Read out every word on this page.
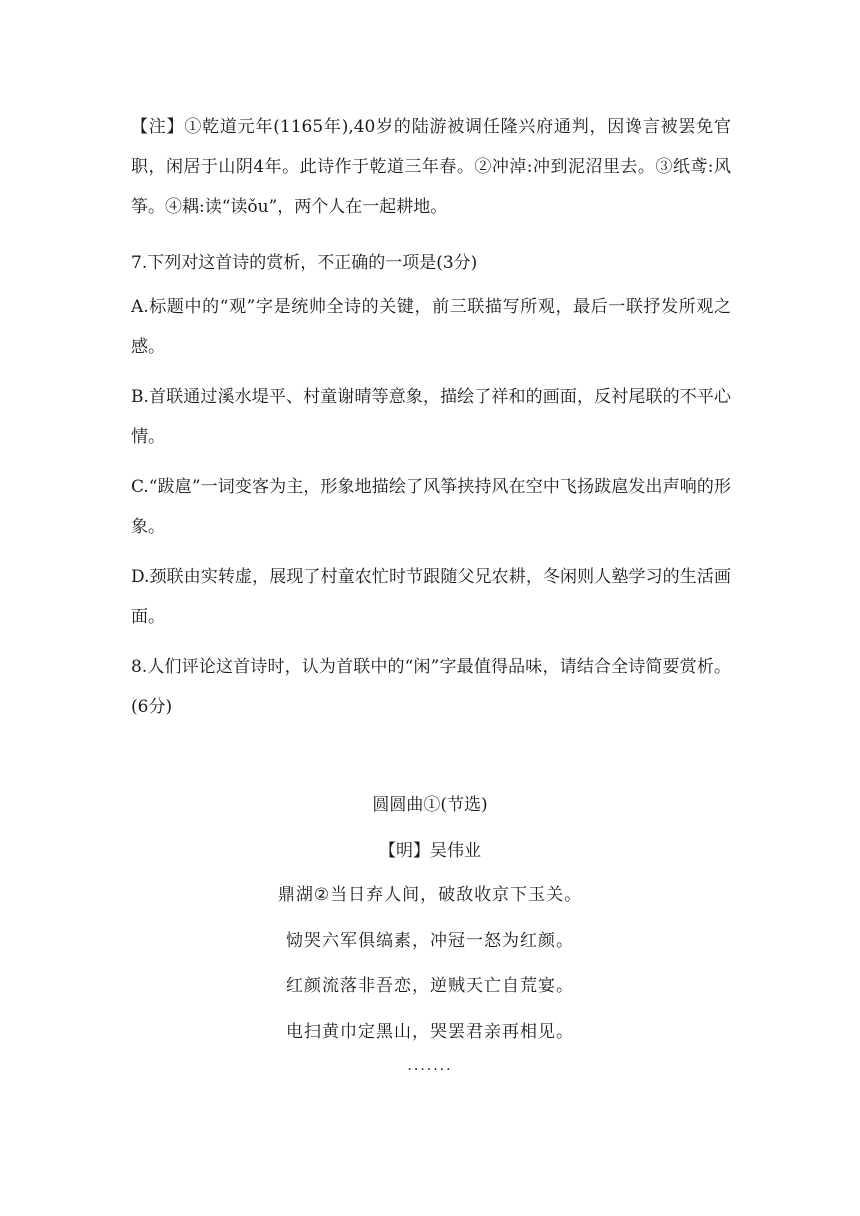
【注】①乾道元年(1165年),40岁的陆游被调任隆兴府通判，因谗言被罢免官职，闲居于山阴4年。此诗作于乾道三年春。②冲淖:冲到泥沼里去。③纸鸢:风筝。④耦:读“读ǒu”，两个人在一起耕地。

7.下列对这首诗的赏析，不正确的一项是(3分)

A.标题中的“观”字是统帅全诗的关键，前三联描写所观，最后一联抒发所观之感。

B.首联通过溪水堤平、村童谢晴等意象，描绘了祥和的画面，反衬尾联的不平心情。

C.“跋扈”一词变客为主，形象地描绘了风筝挟持风在空中飞扬跋扈发出声响的形象。

D.颈联由实转虚，展现了村童农忙时节跟随父兄农耕，冬闲则人塾学习的生活画面。

8.人们评论这首诗时，认为首联中的“闲”字最值得品味，请结合全诗简要赏析。(6分)

圆圆曲①(节选)

【明】吴伟业

鼎湖②当日弃人间，破敌收京下玉关。

恸哭六军俱缟素，冲冠一怒为红颜。

红颜流落非吾恋，逆贼天亡自荒宴。

电扫黄巾定黑山，哭罢君亲再相见。

·······
